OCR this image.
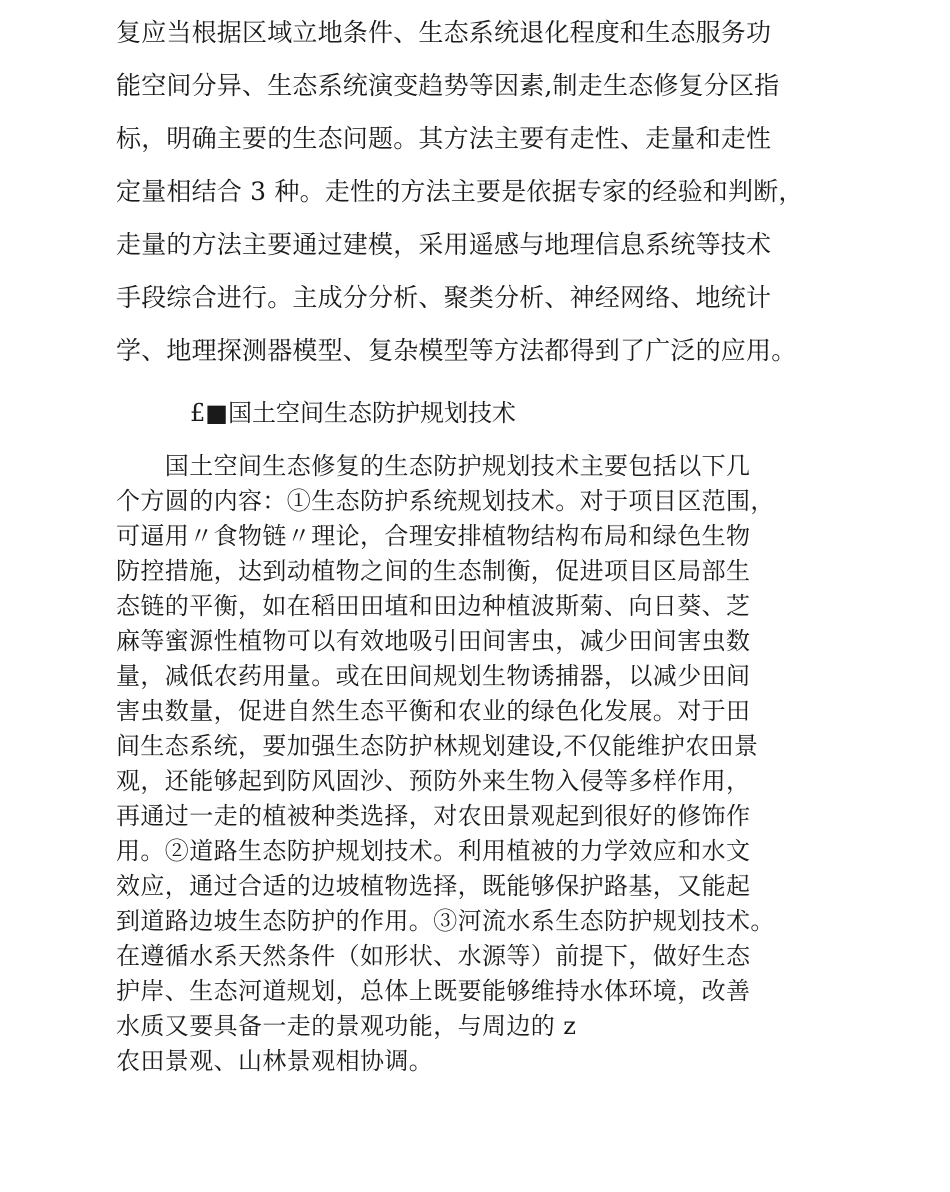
复应当根据区域立地条件、生态系统退化程度和生态服务功
能空间分异、生态系统演变趋势等因素,制走生态修复分区指
标，明确主要的生态问题。其方法主要有走性、走量和走性
定量相结合 3 种。走性的方法主要是依据专家的经验和判断，
走量的方法主要通过建模，采用遥感与地理信息系统等技术
手段综合进行。主成分分析、聚类分析、神经网络、地统计
学、地理探测器模型、复杂模型等方法都得到了广泛的应用。
£■国土空间生态防护规划技术
　　国土空间生态修复的生态防护规划技术主要包括以下几
个方圆的内容：①生态防护系统规划技术。对于项目区范围，
可逼用〃食物链〃理论，合理安排植物结构布局和绿色生物
防控措施，达到动植物之间的生态制衡，促进项目区局部生
态链的平衡，如在稻田田埴和田边种植波斯菊、向日葵、芝
麻等蜜源性植物可以有效地吸引田间害虫，减少田间害虫数
量，减低农药用量。或在田间规划生物诱捕器，以减少田间
害虫数量，促进自然生态平衡和农业的绿色化发展。对于田
间生态系统，要加强生态防护林规划建设,不仅能维护农田景
观，还能够起到防风固沙、预防外来生物入侵等多样作用，
再通过一走的植被种类选择，对农田景观起到很好的修饰作
用。②道路生态防护规划技术。利用植被的力学效应和水文
效应，通过合适的边坡植物选择，既能够保护路基，又能起
到道路边坡生态防护的作用。③河流水系生态防护规划技术。
在遵循水系天然条件（如形状、水源等）前提下，做好生态
护岸、生态河道规划，总体上既要能够维持水体环境，改善
水质又要具备一走的景观功能，与周边的 z
农田景观、山林景观相协调。
